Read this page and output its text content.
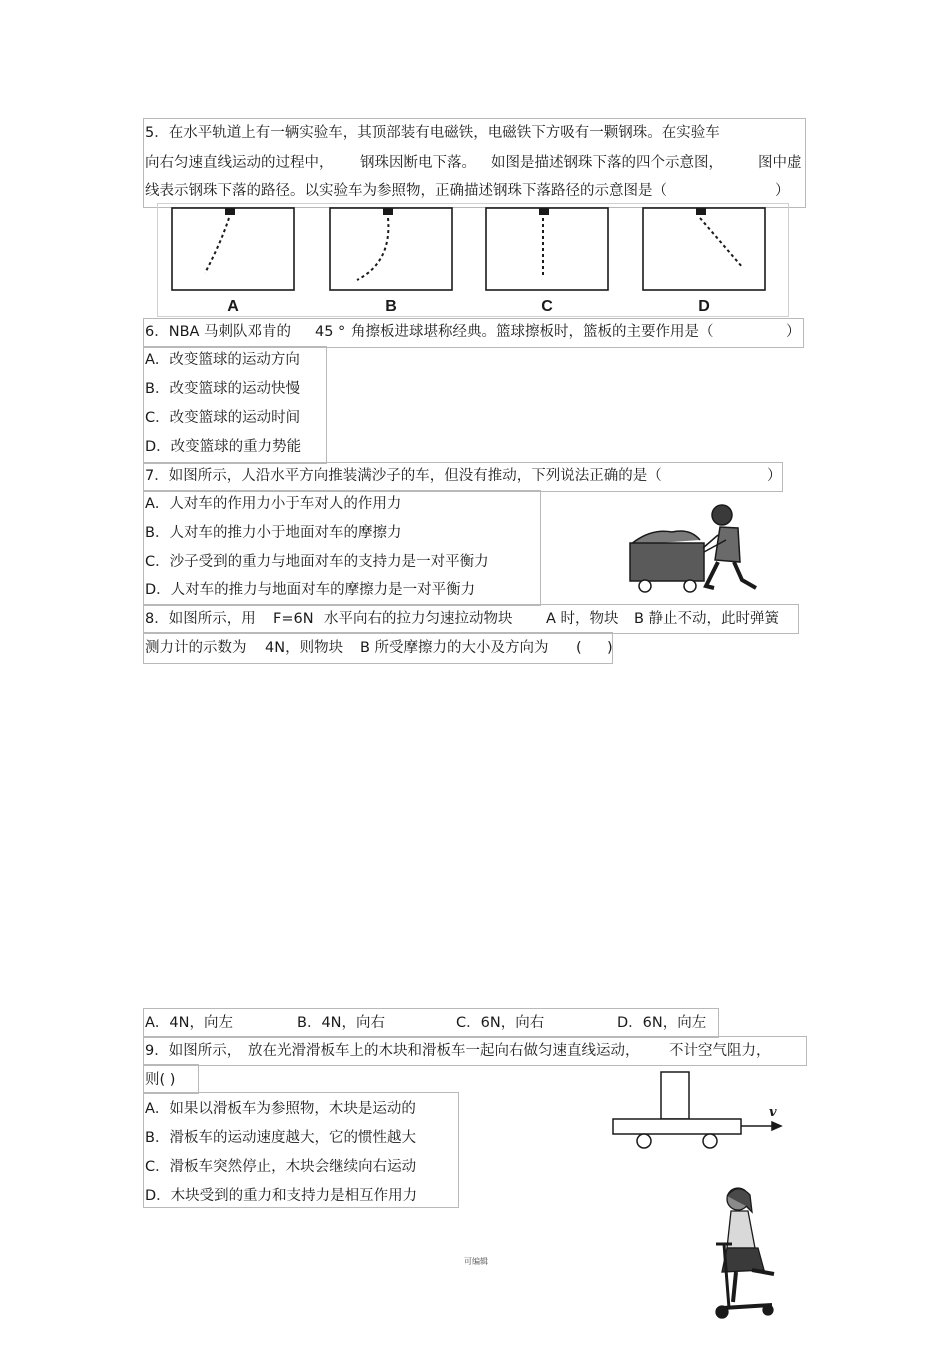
5．在水平轨道上有一辆实验车，其顶部装有电磁铁，电磁铁下方吸有一颗钢珠。在实验车
向右匀速直线运动的过程中， 钢珠因断电下落。 如图是描述钢珠下落的四个示意图， 图中虚
线表示钢珠下落的路径。以实验车为参照物，正确描述钢珠下落路径的示意图是（	）
A	B	C	D
6．NBA 马刺队邓肯的 45 ° 角擦板进球堪称经典。篮球擦板时，篮板的主要作用是（	）
A．改变篮球的运动方向
B．改变篮球的运动快慢
C．改变篮球的运动时间
D．改变篮球的重力势能
7．如图所示，人沿水平方向推装满沙子的车，但没有推动，下列说法正确的是（	）
A．人对车的作用力小于车对人的作用力
B．人对车的推力小于地面对车的摩擦力
C．沙子受到的重力与地面对车的支持力是一对平衡力
D．人对车的推力与地面对车的摩擦力是一对平衡力
8．如图所示，用 F=6N 水平向右的拉力匀速拉动物块 A 时，物块 B 静止不动，此时弹簧
测力计的示数为 4N，则物块 B 所受摩擦力的大小及方向为 ( )
A．4N，向左	B．4N，向右	C．6N，向右	D．6N，向左
9．如图所示， 放在光滑滑板车上的木块和滑板车一起向右做匀速直线运动， 不计空气阻力，
则( )
A．如果以滑板车为参照物，木块是运动的
B．滑板车的运动速度越大，它的惯性越大
C．滑板车突然停止，木块会继续向右运动
D．木块受到的重力和支持力是相互作用力
v
可编辑
